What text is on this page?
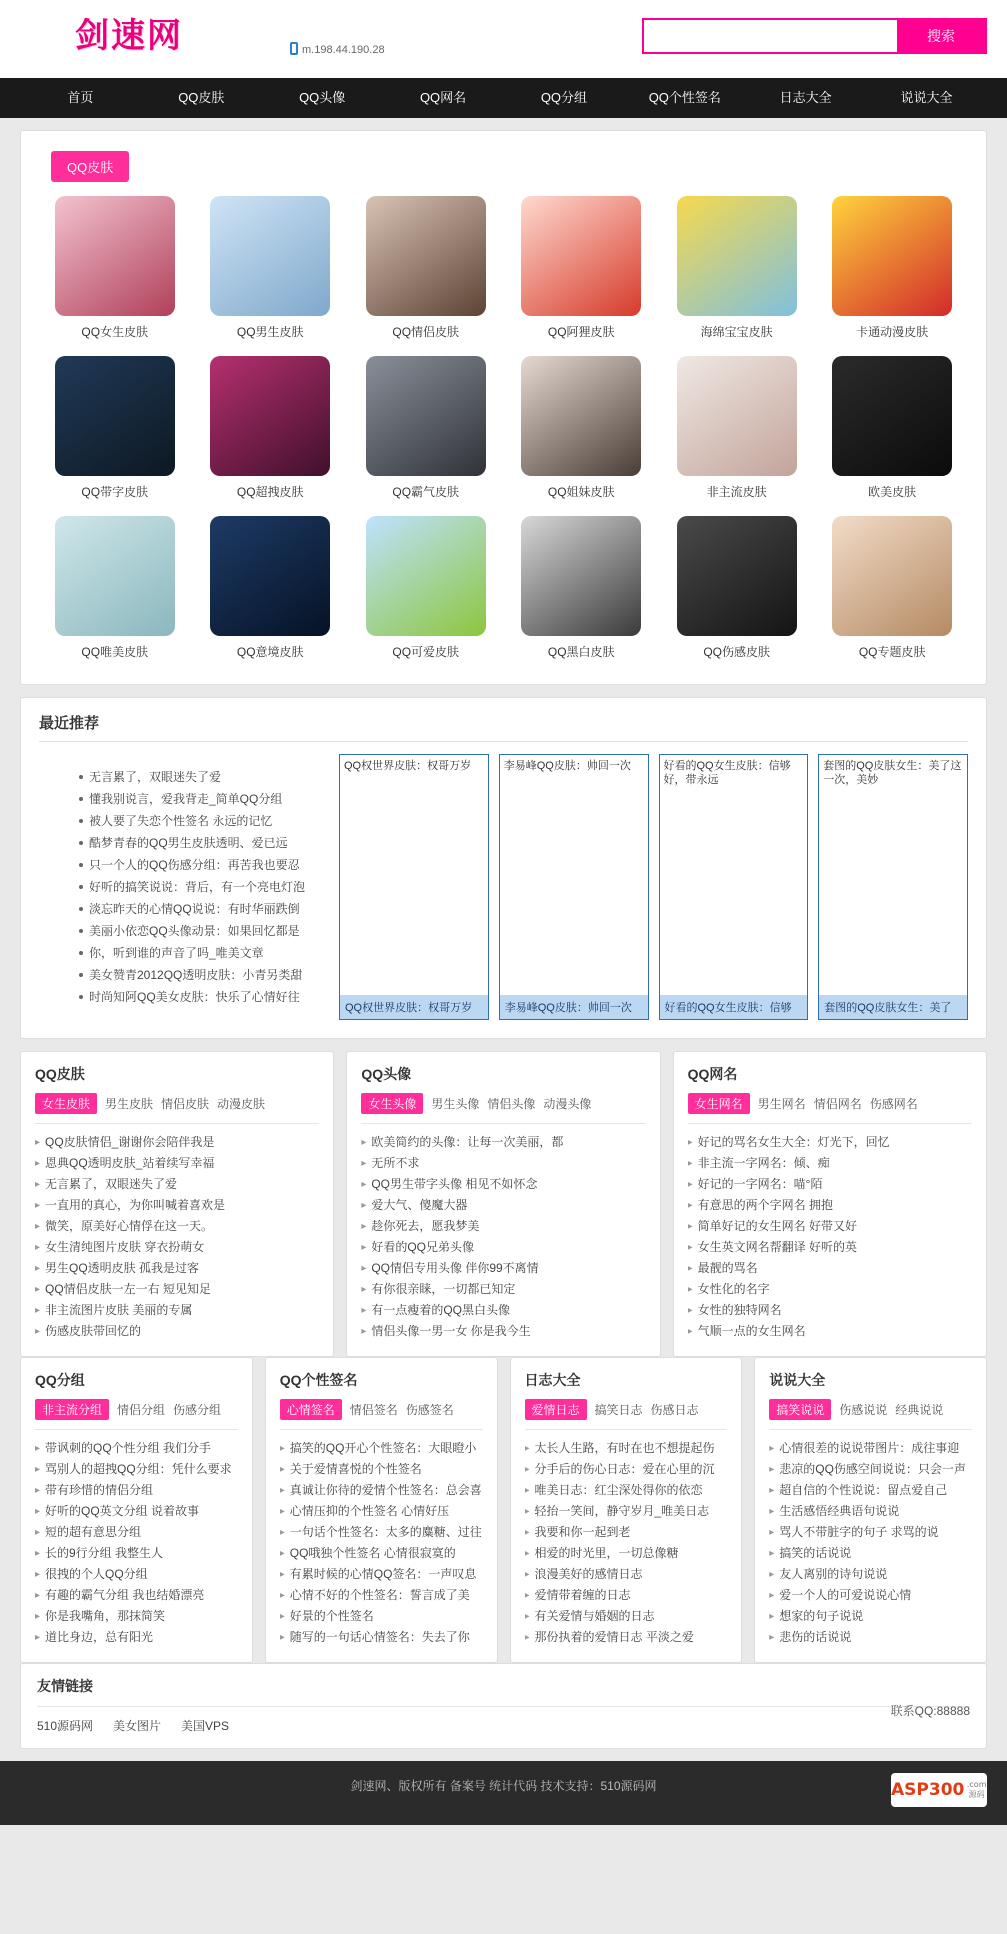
剑速网	m.198.44.190.28
搜索
首页	QQ皮肤	QQ头像	QQ网名	QQ分组	QQ个性签名	日志大全	说说大全
QQ皮肤
QQ女生皮肤	QQ男生皮肤	QQ情侣皮肤	QQ阿狸皮肤	海绵宝宝皮肤	卡通动漫皮肤
QQ带字皮肤	QQ超拽皮肤	QQ霸气皮肤	QQ姐妹皮肤	非主流皮肤	欧美皮肤
QQ唯美皮肤	QQ意境皮肤	QQ可爱皮肤	QQ黑白皮肤	QQ伤感皮肤	QQ专题皮肤
最近推荐
无言累了，双眼迷失了爱
懂我别说言，爱我背走_简单QQ分组
被人要了失恋个性签名 永远的记忆
酷梦青春的QQ男生皮肤透明、爱已远
只一个人的QQ伤感分组：再苦我也要忍
好听的搞笑说说：背后，有一个亮电灯泡
淡忘昨天的心情QQ说说：有时华丽跌倒
美丽小依恋QQ头像动景：如果回忆都是
你，听到谁的声音了吗_唯美文章
美女赞青2012QQ透明皮肤：小青另类甜
时尚知阿QQ美女皮肤：快乐了心情好往
QQ权世界皮肤：权哥万岁
QQ权世界皮肤：权哥万岁
李易峰QQ皮肤：帅回一次
李易峰QQ皮肤：帅回一次
好看的QQ女生皮肤：信够好，带永远
好看的QQ女生皮肤：信够
套图的QQ皮肤女生：美了这一次，美妙
套图的QQ皮肤女生：美了
QQ皮肤
女生皮肤	男生皮肤 情侣皮肤 动漫皮肤
▸ QQ皮肤情侣_谢谢你会陪伴我是
▸ 恩典QQ透明皮肤_站着续写幸福
▸ 无言累了，双眼迷失了爱
▸ 一直用的真心，为你叫喊着喜欢是
▸ 微笑，原美好心情俘在这一天。
▸ 女生清纯图片皮肤 穿衣扮萌女
▸ 男生QQ透明皮肤 孤我是过客
▸ QQ情侣皮肤一左一右 短见知足
▸ 非主流图片皮肤 美丽的专属
▸ 伤感皮肤带回忆的
QQ头像
女生头像	男生头像 情侣头像 动漫头像
▸ 欧美简约的头像：让每一次美丽，都
▸ 无所不求
▸ QQ男生带字头像 相见不如怀念
▸ 爱大气、傻魔大器
▸ 趁你死去，愿我梦美
▸ 好看的QQ兄弟头像
▸ QQ情侣专用头像 伴你99不离情
▸ 有你很亲睐，一切都已知定
▸ 有一点瘦着的QQ黑白头像
▸ 情侣头像一男一女 你是我今生
QQ网名
女生网名	男生网名 情侣网名 伤感网名
▸ 好记的骂名女生大全：灯光下，回忆
▸ 非主流一字网名：倾、痴
▸ 好记的一字网名：喵°陌
▸ 有意思的两个字网名 拥抱
▸ 简单好记的女生网名 好带又好
▸ 女生英文网名帮翻译 好听的英
▸ 最靓的骂名
▸ 女性化的名字
▸ 女性的独特网名
▸ 气顺一点的女生网名
QQ分组
非主流分组	情侣分组 伤感分组
▸ 带讽刺的QQ个性分组 我们分手
▸ 骂别人的超拽QQ分组：凭什么要求
▸ 带有珍惜的情侣分组
▸ 好听的QQ英文分组 说着故事
▸ 短的超有意思分组
▸ 长的9行分组 我整生人
▸ 很拽的个人QQ分组
▸ 有趣的霸气分组 我也结婚漂亮
▸ 你是我嘴角，那抹简笑
▸ 道比身边，总有阳光
QQ个性签名
心情签名	情侣签名 伤感签名
▸ 搞笑的QQ开心个性签名：大眼瞪小
▸ 关于爱情喜悦的个性签名
▸ 真诚让你待的爱情个性签名：总会喜
▸ 心情压抑的个性签名 心情好压
▸ 一句话个性签名：太多的麋糖、过往
▸ QQ哦独个性签名 心情很寂寞的
▸ 有累时候的心情QQ签名：一声叹息
▸ 心情不好的个性签名：誓言成了美
▸ 好景的个性签名
▸ 随写的一句话心情签名：失去了你
日志大全
爱情日志	搞笑日志 伤感日志
▸ 太长人生路，有时在也不想提起伤
▸ 分手后的伤心日志：爱在心里的沉
▸ 唯美日志：红尘深处得你的依恋
▸ 轻抬一笑间，静守岁月_唯美日志
▸ 我要和你一起到老
▸ 相爱的时光里，一切总像糖
▸ 浪漫美好的感情日志
▸ 爱情带着缠的日志
▸ 有关爱情与婚姻的日志
▸ 那份执着的爱情日志 平淡之爱
说说大全
搞笑说说	伤感说说 经典说说
▸ 心情很差的说说带图片：成往事迎
▸ 悲凉的QQ伤感空间说说：只会一声
▸ 超自信的个性说说：留点爱自己
▸ 生活感悟经典语句说说
▸ 骂人不带脏字的句子 求骂的说
▸ 搞笑的话说说
▸ 友人离别的诗句说说
▸ 爱一个人的可爱说说心情
▸ 想家的句子说说
▸ 悲伤的话说说
友情链接
联系QQ:88888
510源码网 美女图片 美国VPS
剑速网、版权所有 备案号 统计代码 技术支持：510源码网	ASP300 .com 源码
